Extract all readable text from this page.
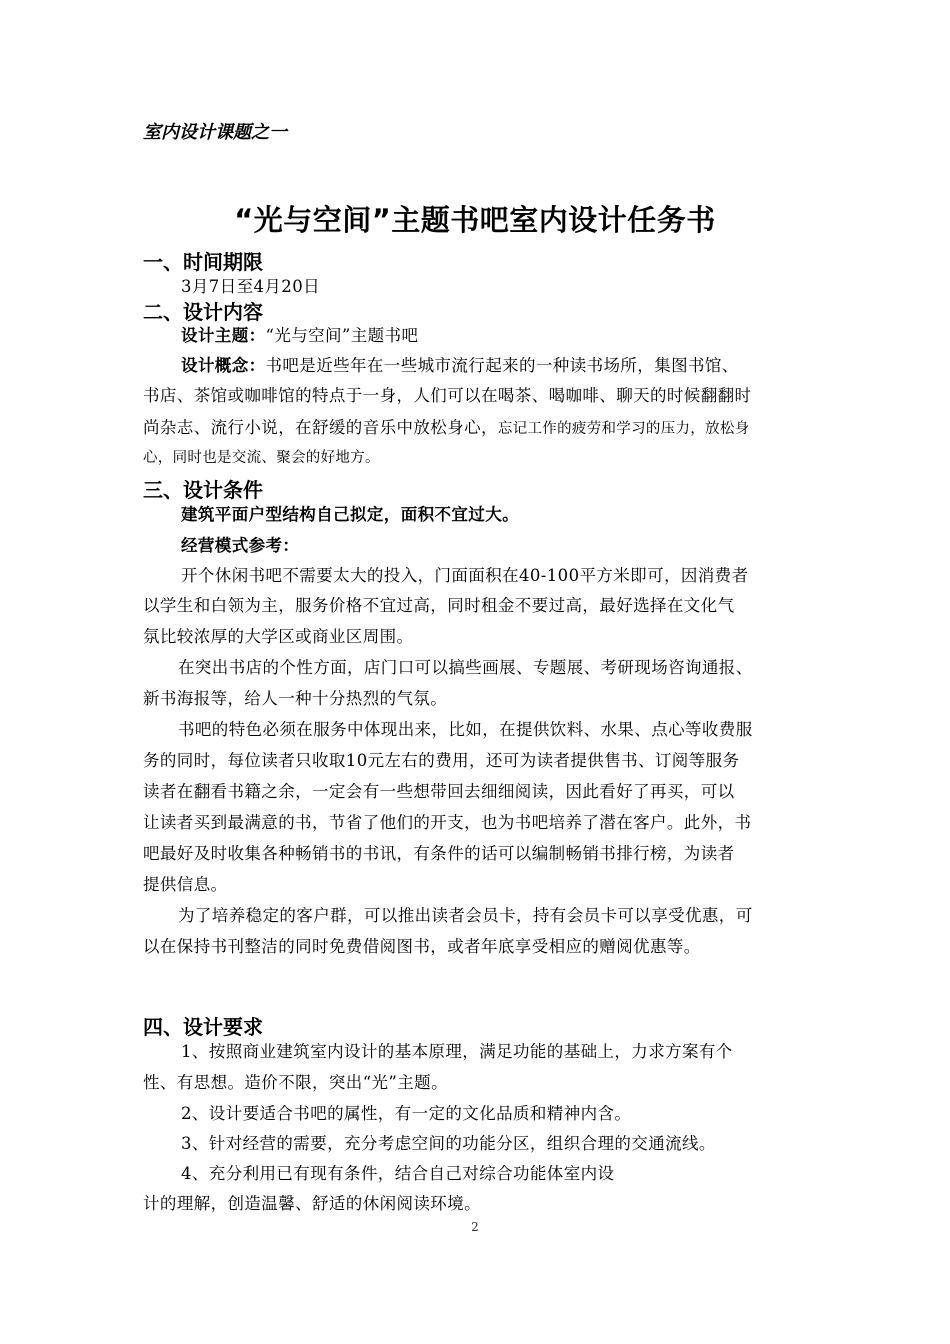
室内设计课题之一
“光与空间”主题书吧室内设计任务书
一、时间期限
3月7日至4月20日
二、设计内容
设计主题：“光与空间”主题书吧
设计概念：书吧是近些年在一些城市流行起来的一种读书场所，集图书馆、
书店、茶馆或咖啡馆的特点于一身，人们可以在喝茶、喝咖啡、聊天的时候翻翻时
尚杂志、流行小说，在舒缓的音乐中放松身心，忘记工作的疲劳和学习的压力，放松身
心，同时也是交流、聚会的好地方。
三、设计条件
建筑平面户型结构自己拟定，面积不宜过大。
经营模式参考：
开个休闲书吧不需要太大的投入，门面面积在40-100平方米即可，因消费者
以学生和白领为主，服务价格不宜过高，同时租金不要过高，最好选择在文化气
氛比较浓厚的大学区或商业区周围。
在突出书店的个性方面，店门口可以搞些画展、专题展、考研现场咨询通报、
新书海报等，给人一种十分热烈的气氛。
书吧的特色必须在服务中体现出来，比如，在提供饮料、水果、点心等收费服
务的同时，每位读者只收取10元左右的费用，还可为读者提供售书、订阅等服务
读者在翻看书籍之余，一定会有一些想带回去细细阅读，因此看好了再买，可以
让读者买到最满意的书，节省了他们的开支，也为书吧培养了潜在客户。此外，书
吧最好及时收集各种畅销书的书讯，有条件的话可以编制畅销书排行榜，为读者
提供信息。
为了培养稳定的客户群，可以推出读者会员卡，持有会员卡可以享受优惠，可
以在保持书刊整洁的同时免费借阅图书，或者年底享受相应的赠阅优惠等。
四、设计要求
1、按照商业建筑室内设计的基本原理，满足功能的基础上，力求方案有个
性、有思想。造价不限，突出“光”主题。
2、设计要适合书吧的属性，有一定的文化品质和精神内含。
3、针对经营的需要，充分考虑空间的功能分区，组织合理的交通流线。
4、充分利用已有现有条件，结合自己对综合功能体室内设
计的理解，创造温馨、舒适的休闲阅读环境。
2
